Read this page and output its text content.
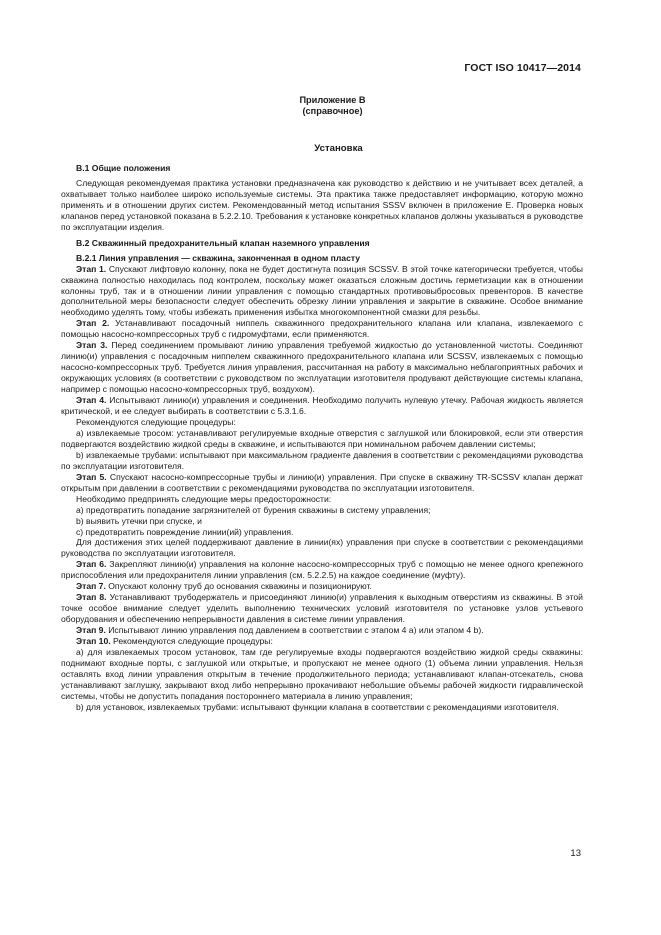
ГОСТ ISO 10417—2014
Приложение В
(справочное)
Установка

В.1 Общие положения

Следующая рекомендуемая практика установки предназначена как руководство к действию и не учитывает всех деталей, а охватывает только наиболее широко используемые системы. Эта практика также предоставляет информацию, которую можно применять и в отношении других систем. Рекомендованный метод испытания SSSV включен в приложение Е. Проверка новых клапанов перед установкой показана в 5.2.2.10. Требования к установке конкретных клапанов должны указываться в руководстве по эксплуатации изделия.

В.2 Скважинный предохранительный клапан наземного управления

В.2.1 Линия управления — скважина, законченная в одном пласту

Этап 1. Спускают лифтовую колонну, пока не будет достигнута позиция SCSSV. В этой точке категорически требуется, чтобы скважина полностью находилась под контролем, поскольку может оказаться сложным достичь герметизации как в отношении колонны труб, так и в отношении линии управления с помощью стандартных противовыбросовых превенторов. В качестве дополнительной меры безопасности следует обеспечить обрезку линии управления и закрытие в скважине. Особое внимание необходимо уделять тому, чтобы избежать применения избытка многокомпонентной смазки для резьбы.

Этап 2. Устанавливают посадочный ниппель скважинного предохранительного клапана или клапана, извлекаемого с помощью насосно-компрессорных труб с гидромуфтами, если применяются.

Этап 3. Перед соединением промывают линию управления требуемой жидкостью до установленной чистоты. Соединяют линию(и) управления с посадочным ниппелем скважинного предохранительного клапана или SCSSV, извлекаемых с помощью насосно-компрессорных труб. Требуется линия управления, рассчитанная на работу в максимально неблагоприятных рабочих и окружающих условиях (в соответствии с руководством по эксплуатации изготовителя продувают действующие системы клапана, например с помощью насосно-компрессорных труб, воздухом).

Этап 4. Испытывают линию(и) управления и соединения. Необходимо получить нулевую утечку. Рабочая жидкость является критической, и ее следует выбирать в соответствии с 5.3.1.6.

Рекомендуются следующие процедуры:

а) извлекаемые тросом: устанавливают регулируемые входные отверстия с заглушкой или блокировкой, если эти отверстия подвергаются воздействию жидкой среды в скважине, и испытываются при номинальном рабочем давлении системы;

b) извлекаемые трубами: испытывают при максимальном градиенте давления в соответствии с рекомендациями руководства по эксплуатации изготовителя.

Этап 5. Спускают насосно-компрессорные трубы и линию(и) управления. При спуске в скважину TR-SCSSV клапан держат открытым при давлении в соответствии с рекомендациями руководства по эксплуатации изготовителя.

Необходимо предпринять следующие меры предосторожности:

а) предотвратить попадание загрязнителей от бурения скважины в систему управления;

b) выявить утечки при спуске, и

с) предотвратить повреждение линии(ий) управления.

Для достижения этих целей поддерживают давление в линии(ях) управления при спуске в соответствии с рекомендациями руководства по эксплуатации изготовителя.

Этап 6. Закрепляют линию(и) управления на колонне насосно-компрессорных труб с помощью не менее одного крепежного приспособления или предохранителя линии управления (см. 5.2.2.5) на каждое соединение (муфту).

Этап 7. Опускают колонну труб до основания скважины и позиционируют.

Этап 8. Устанавливают трубодержатель и присоединяют линию(и) управления к выходным отверстиям из скважины. В этой точке особое внимание следует уделить выполнению технических условий изготовителя по установке узлов устьевого оборудования и обеспечению непрерывности давления в системе линии управления.

Этап 9. Испытывают линию управления под давлением в соответствии с этапом 4 а) или этапом 4 b).

Этап 10. Рекомендуются следующие процедуры:

а) для извлекаемых тросом установок, там где регулируемые входы подвергаются воздействию жидкой среды скважины: поднимают входные порты, с заглушкой или открытые, и пропускают не менее одного (1) объема линии управления. Нельзя оставлять вход линии управления открытым в течение продолжительного периода; устанавливают клапан-отсекатель, снова устанавливают заглушку, закрывают вход либо непрерывно прокачивают небольшие объемы рабочей жидкости гидравлической системы, чтобы не допустить попадания постороннего материала в линию управления;

b) для установок, извлекаемых трубами: испытывают функции клапана в соответствии с рекомендациями изготовителя.

13
